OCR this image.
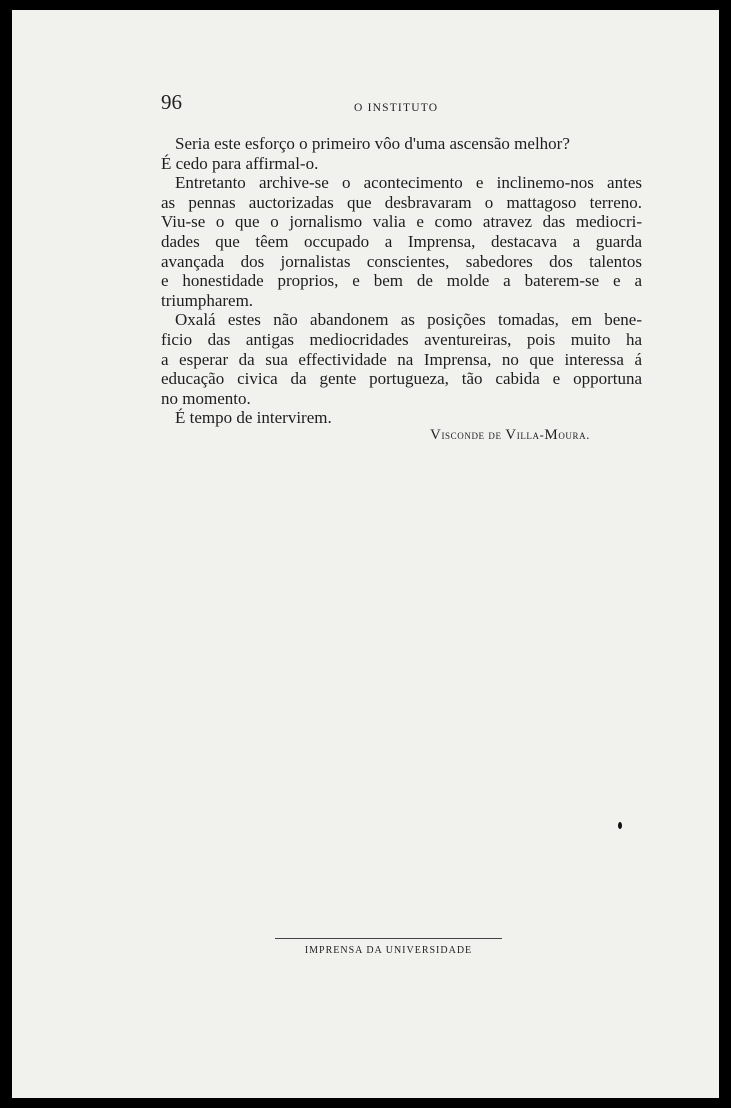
96	O INSTITUTO

Seria este esforço o primeiro vôo d'uma ascensão melhor?

É cedo para affirmal-o.

Entretanto archive-se o acontecimento e inclinemo-nos antes

as pennas auctorizadas que desbravaram o mattagoso terreno.

Viu-se o que o jornalismo valia e como atravez das mediocri-

dades que têem occupado a Imprensa, destacava a guarda

avançada dos jornalistas conscientes, sabedores dos talentos

e honestidade proprios, e bem de molde a baterem-se e a

triumpharem.

Oxalá estes não abandonem as posições tomadas, em bene-

ficio das antigas mediocridades aventureiras, pois muito ha

a esperar da sua effectividade na Imprensa, no que interessa á

educação civica da gente portugueza, tão cabida e opportuna

no momento.

É tempo de intervirem.

Visconde de Villa-Moura.
IMPRENSA DA UNIVERSIDADE
